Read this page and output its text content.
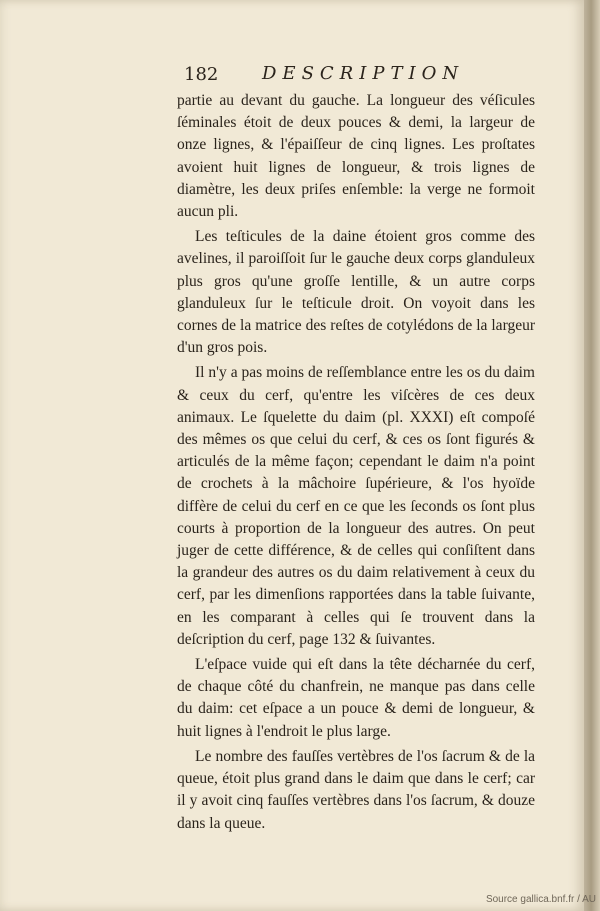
182 DESCRIPTION

partie au devant du gauche. La longueur des véſicules ſéminales étoit de deux pouces & demi, la largeur de onze lignes, & l'épaiſſeur de cinq lignes. Les proſtates avoient huit lignes de longueur, & trois lignes de diamètre, les deux priſes enſemble: la verge ne formoit aucun pli.

Les teſticules de la daine étoient gros comme des avelines, il paroiſſoit ſur le gauche deux corps glanduleux plus gros qu'une groſſe lentille, & un autre corps glanduleux ſur le teſticule droit. On voyoit dans les cornes de la matrice des reſtes de cotylédons de la largeur d'un gros pois.

Il n'y a pas moins de reſſemblance entre les os du daim & ceux du cerf, qu'entre les viſcères de ces deux animaux. Le ſquelette du daim (pl. XXXI) eſt compoſé des mêmes os que celui du cerf, & ces os ſont figurés & articulés de la même façon; cependant le daim n'a point de crochets à la mâchoire ſupérieure, & l'os hyoïde diffère de celui du cerf en ce que les ſeconds os ſont plus courts à proportion de la longueur des autres. On peut juger de cette différence, & de celles qui conſiſtent dans la grandeur des autres os du daim relativement à ceux du cerf, par les dimenſions rapportées dans la table ſuivante, en les comparant à celles qui ſe trouvent dans la deſcription du cerf, page 132 & ſuivantes.

L'eſpace vuide qui eſt dans la tête décharnée du cerf, de chaque côté du chanfrein, ne manque pas dans celle du daim: cet eſpace a un pouce & demi de longueur, & huit lignes à l'endroit le plus large.

Le nombre des fauſſes vertèbres de l'os ſacrum & de la queue, étoit plus grand dans le daim que dans le cerf; car il y avoit cinq fauſſes vertèbres dans l'os ſacrum, & douze dans la queue.

Source gallica.bnf.fr / AU
